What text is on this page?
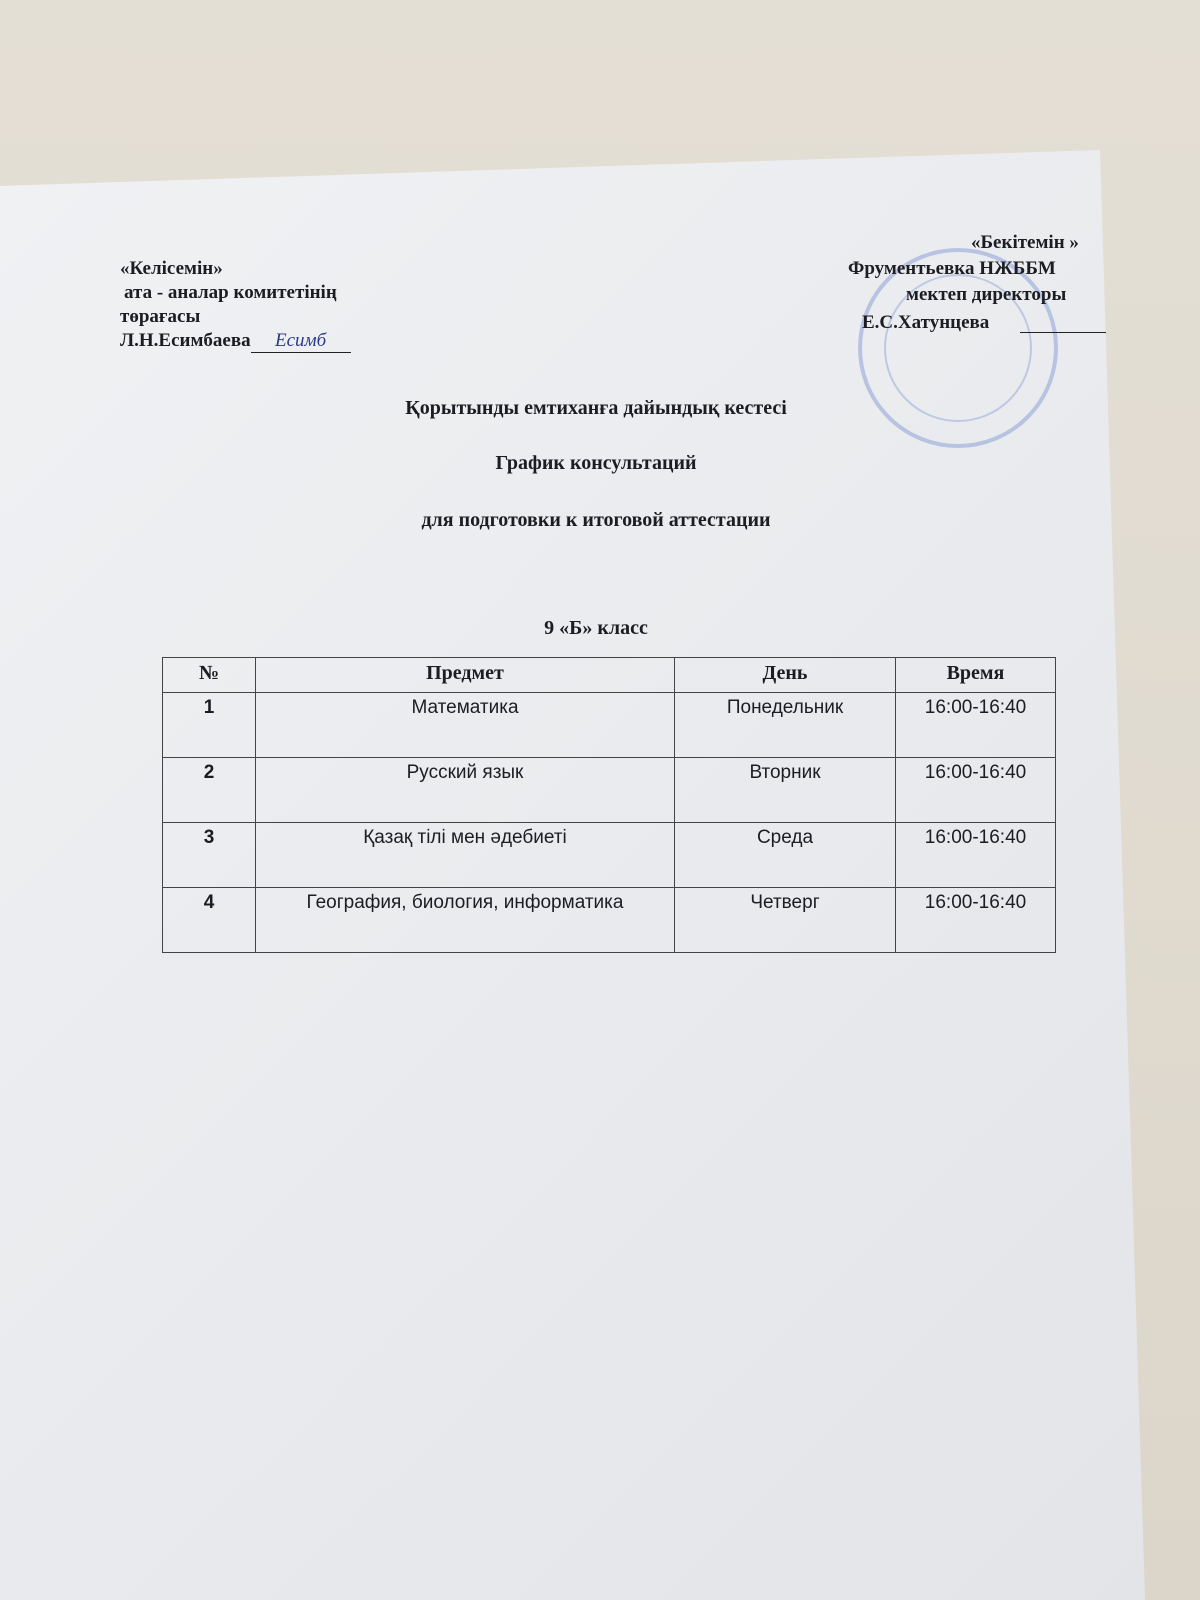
«Келісемін»
ата - аналар комитетінің
төрағасы
Л.Н.Есимбаева Есимб
«Бекітемін »
Фрументьевка НЖББМ
мектеп директоры
Е.С.Хатунцева
Қорытынды емтиханға дайындық кестесі
График консультаций
для подготовки к итоговой аттестации
9 «Б» класс
№	Предмет	День	Время
1	Математика	Понедельник	16:00-16:40
2	Русский язык	Вторник	16:00-16:40
3	Қазақ тілі мен әдебиеті	Среда	16:00-16:40
4	География, биология, информатика	Четверг	16:00-16:40
